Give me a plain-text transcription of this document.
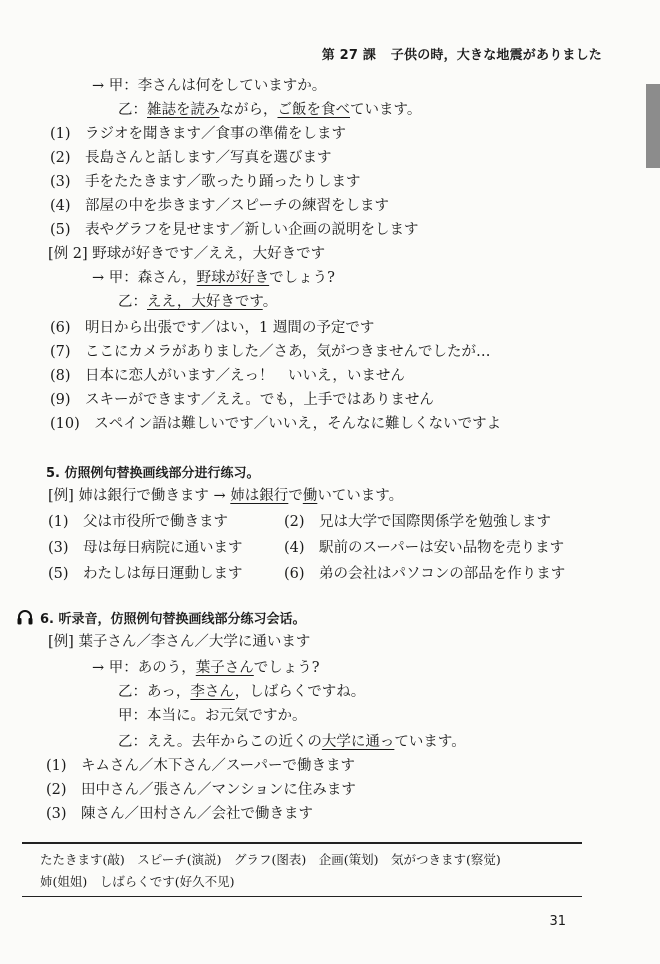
第 27 課 子供の時，大きな地震がありました
→ 甲：李さんは何をしていますか。
乙：雑誌を読みながら，ご飯を食べています。
(1)　ラジオを聞きます／食事の準備をします
(2)　長島さんと話します／写真を選びます
(3)　手をたたきます／歌ったり踊ったりします
(4)　部屋の中を歩きます／スピーチの練習をします
(5)　表やグラフを見せます／新しい企画の説明をします
[例 2] 野球が好きです／ええ，大好きです
→ 甲：森さん，野球が好きでしょう?
乙：ええ，大好きです。
(6)　明日から出張です／はい，1 週間の予定です
(7)　ここにカメラがありました／さあ，気がつきませんでしたが…
(8)　日本に恋人がいます／えっ！　いいえ，いません
(9)　スキーができます／ええ。でも，上手ではありません
(10)　スペイン語は難しいです／いいえ，そんなに難しくないですよ
5. 仿照例句替换画线部分进行练习。
[例] 姉は銀行で働きます → 姉は銀行で働いています。
(1)　父は市役所で働きます
(3)　母は毎日病院に通います
(5)　わたしは毎日運動します
(2)　兄は大学で国際関係学を勉強します
(4)　駅前のスーパーは安い品物を売ります
(6)　弟の会社はパソコンの部品を作ります
6. 听录音，仿照例句替换画线部分练习会话。
[例] 葉子さん／李さん／大学に通います
→ 甲：あのう，葉子さんでしょう?
乙：あっ，李さん，しばらくですね。
甲：本当に。お元気ですか。
乙：ええ。去年からこの近くの大学に通っています。
(1)　キムさん／木下さん／スーパーで働きます
(2)　田中さん／張さん／マンションに住みます
(3)　陳さん／田村さん／会社で働きます
たたきます(敲)　スピーチ(演説)　グラフ(图表)　企画(策划)　気がつきます(察觉)
姉(姐姐)　しばらくです(好久不见)
31
